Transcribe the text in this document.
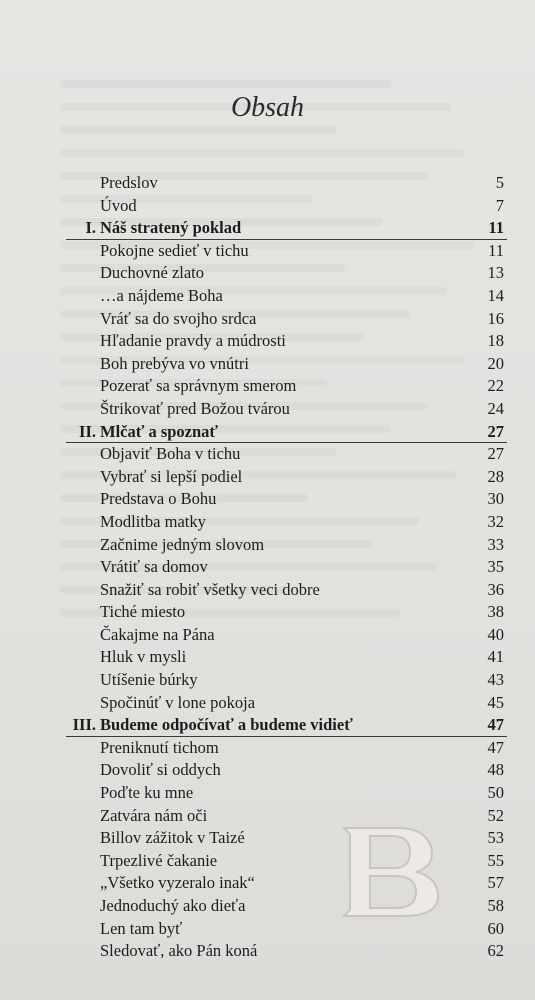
Obsah
Predslov	5
Úvod	7
I. Náš stratený poklad	11
Pokojne sedieť v tichu	11
Duchovné zlato	13
…a nájdeme Boha	14
Vráť sa do svojho srdca	16
Hľadanie pravdy a múdrosti	18
Boh prebýva vo vnútri	20
Pozerať sa správnym smerom	22
Štrikovať pred Božou tvárou	24
II. Mlčať a spoznať	27
Objaviť Boha v tichu	27
Vybrať si lepší podiel	28
Predstava o Bohu	30
Modlitba matky	32
Začnime jedným slovom	33
Vrátiť sa domov	35
Snažiť sa robiť všetky veci dobre	36
Tiché miesto	38
Čakajme na Pána	40
Hluk v mysli	41
Utíšenie búrky	43
Spočinúť v lone pokoja	45
III. Budeme odpočívať a budeme vidieť	47
Preniknutí tichom	47
Dovoliť si oddych	48
Poďte ku mne	50
Zatvára nám oči	52
Billov zážitok v Taizé	53
Trpezlivé čakanie	55
„Všetko vyzeralo inak“	57
Jednoduchý ako dieťa	58
Len tam byť	60
Sledovať, ako Pán koná	62
